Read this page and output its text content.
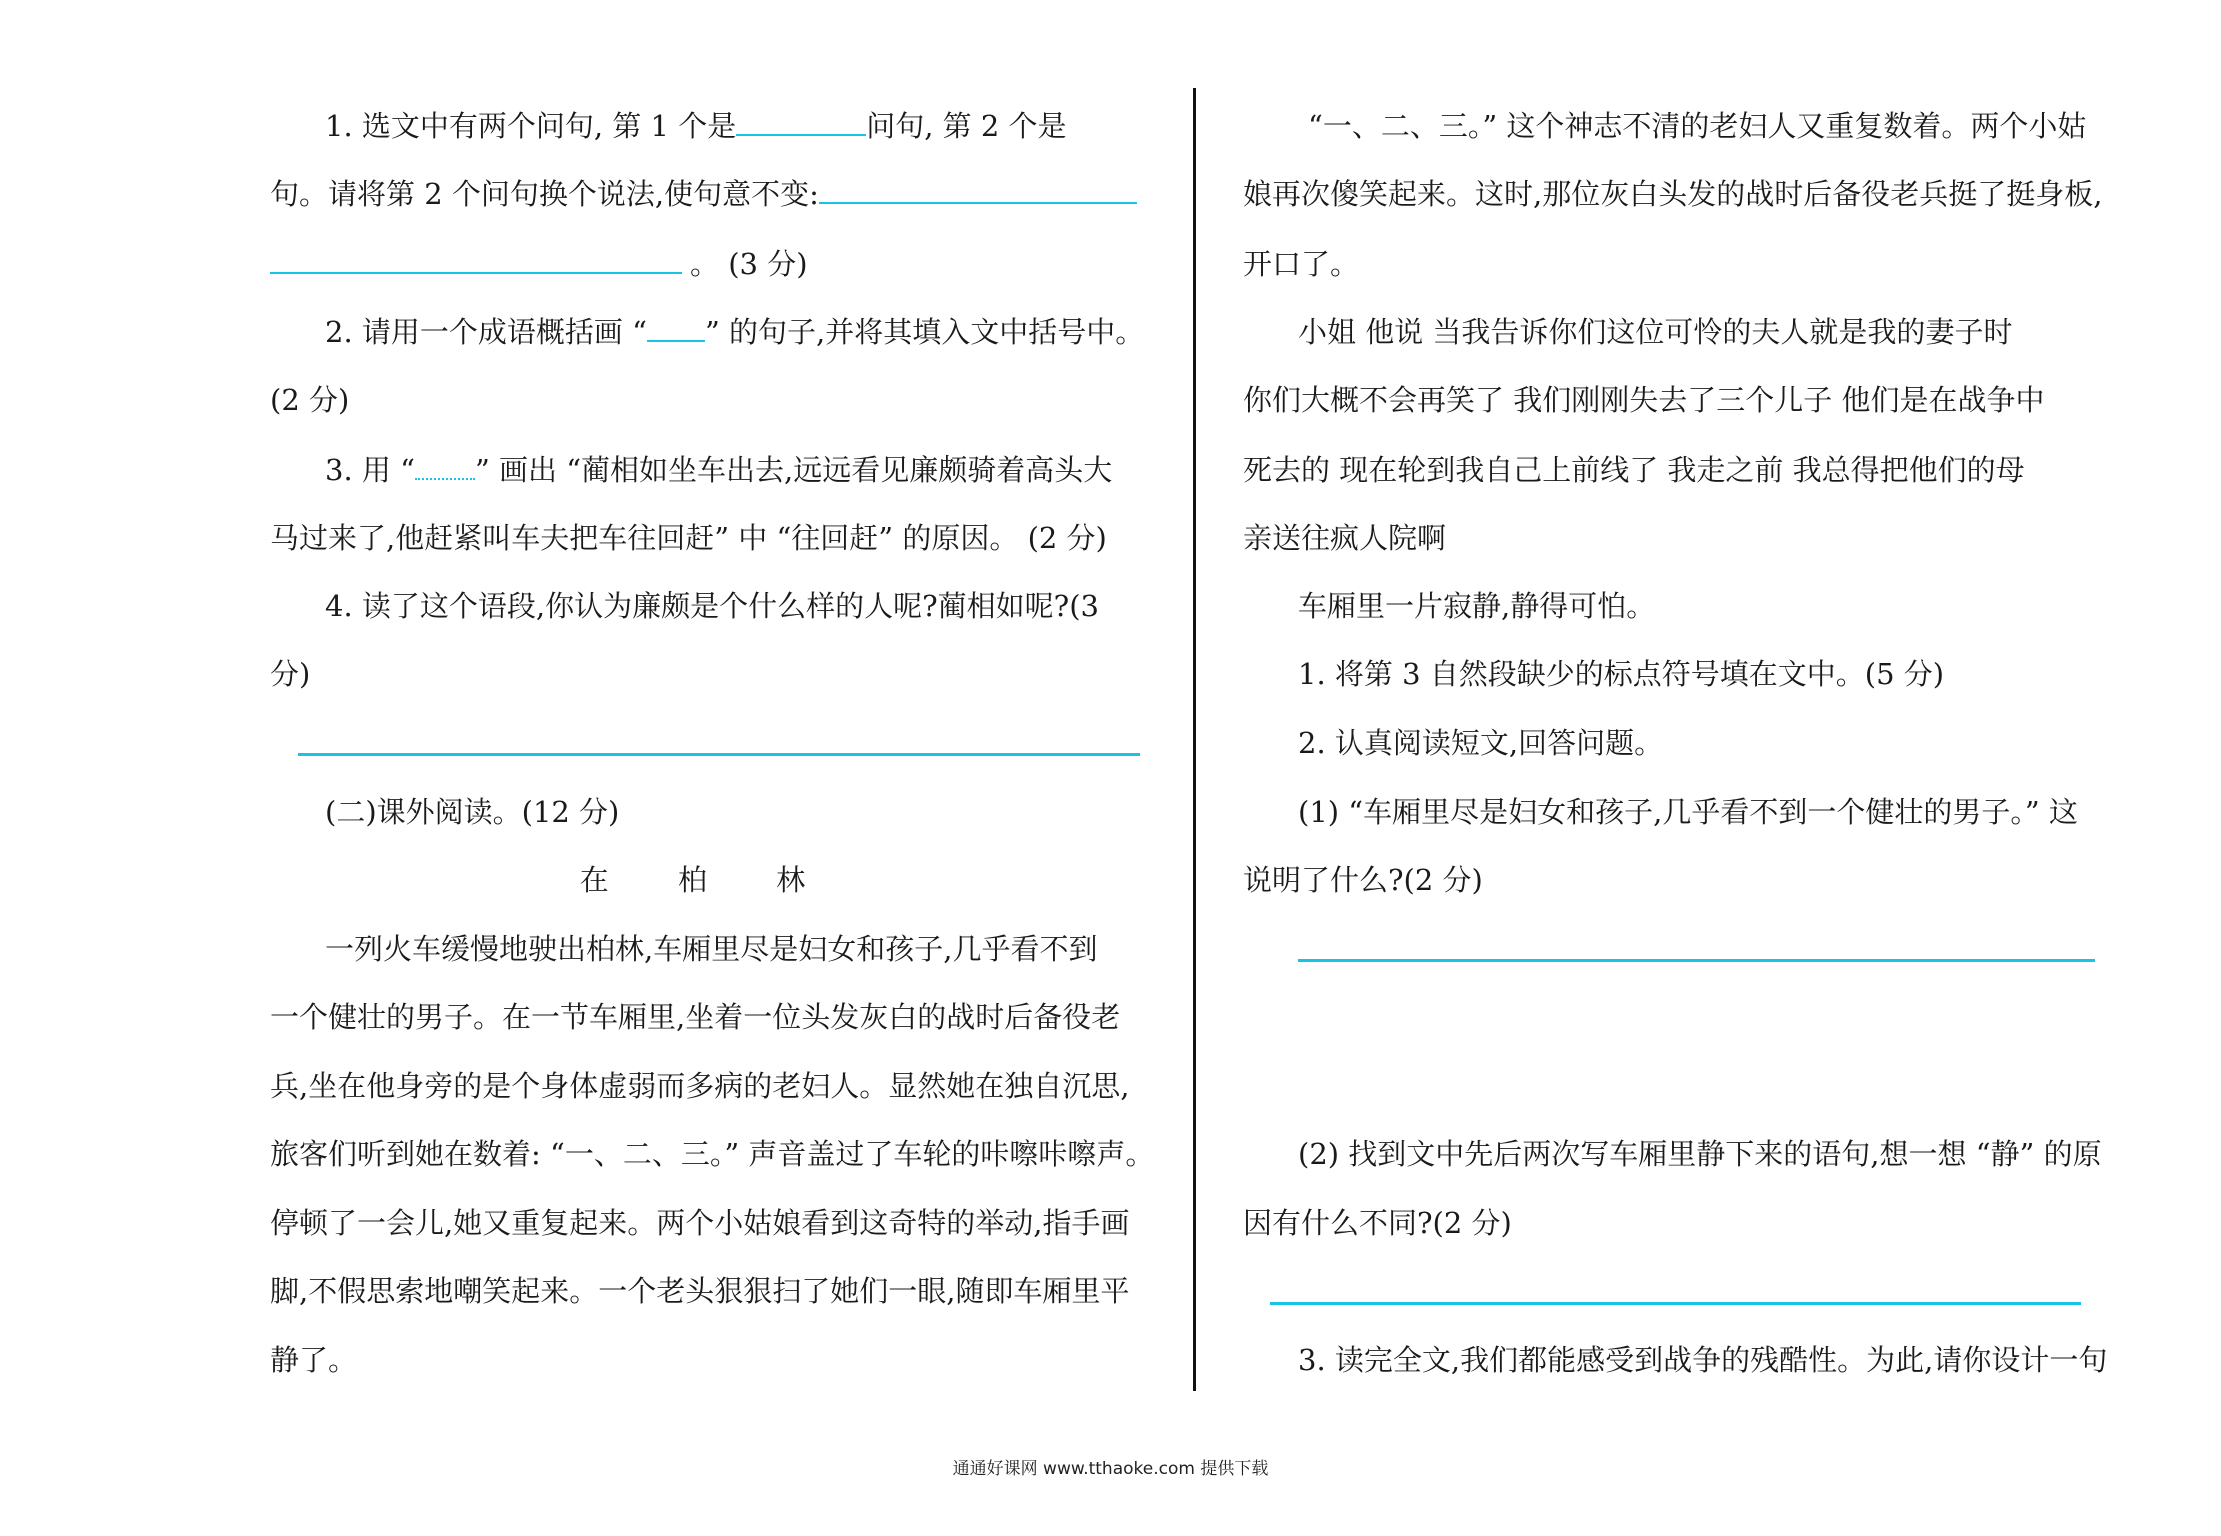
1. 选文中有两个问句, 第 1 个是	问句, 第 2 个是
句。请将第 2 个问句换个说法,使句意不变:
。 (3 分)
2. 请用一个成语概括画 “ ” 的句子,并将其填入文中括号中。
(2 分)
3. 用 “ ” 画出 “蔺相如坐车出去,远远看见廉颇骑着高头大
马过来了,他赶紧叫车夫把车往回赶” 中 “往回赶” 的原因。 (2 分)
4. 读了这个语段,你认为廉颇是个什么样的人呢?蔺相如呢?(3
分)
(二)课外阅读。(12 分)
在 柏 林
一列火车缓慢地驶出柏林,车厢里尽是妇女和孩子,几乎看不到
一个健壮的男子。在一节车厢里,坐着一位头发灰白的战时后备役老
兵,坐在他身旁的是个身体虚弱而多病的老妇人。显然她在独自沉思,
旅客们听到她在数着: “一、二、三。” 声音盖过了车轮的咔嚓咔嚓声。
停顿了一会儿,她又重复起来。两个小姑娘看到这奇特的举动,指手画
脚,不假思索地嘲笑起来。一个老头狠狠扫了她们一眼,随即车厢里平
静了。
“一、二、三。” 这个神志不清的老妇人又重复数着。两个小姑
娘再次傻笑起来。这时,那位灰白头发的战时后备役老兵挺了挺身板,
开口了。
小姐 他说 当我告诉你们这位可怜的夫人就是我的妻子时
你们大概不会再笑了 我们刚刚失去了三个儿子 他们是在战争中
死去的 现在轮到我自己上前线了 我走之前 我总得把他们的母
亲送往疯人院啊
车厢里一片寂静,静得可怕。
1. 将第 3 自然段缺少的标点符号填在文中。(5 分)
2. 认真阅读短文,回答问题。
(1) “车厢里尽是妇女和孩子,几乎看不到一个健壮的男子。” 这
说明了什么?(2 分)
(2) 找到文中先后两次写车厢里静下来的语句,想一想 “静” 的原
因有什么不同?(2 分)
3. 读完全文,我们都能感受到战争的残酷性。为此,请你设计一句
通通好课网 www.tthaoke.com 提供下载
